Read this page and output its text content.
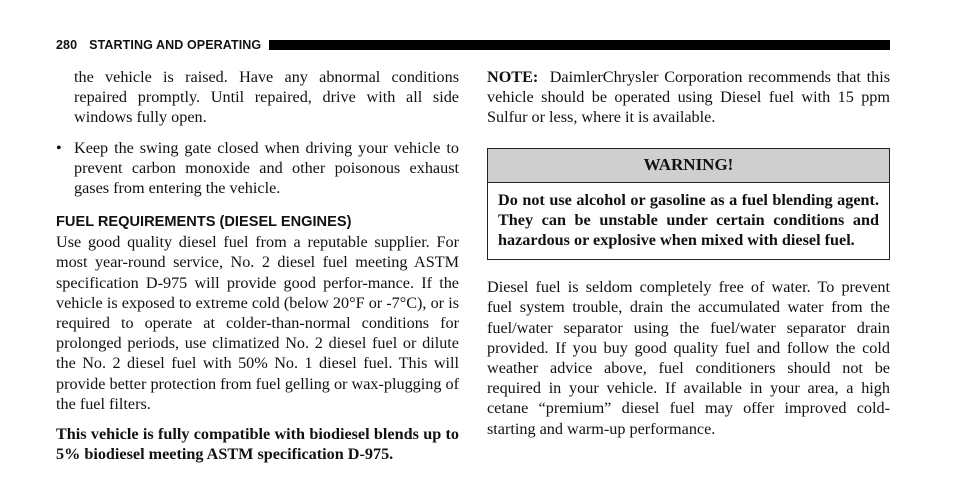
280 STARTING AND OPERATING

the vehicle is raised. Have any abnormal conditions repaired promptly. Until repaired, drive with all side windows fully open.

• Keep the swing gate closed when driving your vehicle to prevent carbon monoxide and other poisonous exhaust gases from entering the vehicle.
FUEL REQUIREMENTS (DIESEL ENGINES)

Use good quality diesel fuel from a reputable supplier. For most year-round service, No. 2 diesel fuel meeting ASTM specification D-975 will provide good perfor-mance. If the vehicle is exposed to extreme cold (below 20°F or -7°C), or is required to operate at colder-than-normal conditions for prolonged periods, use climatized No. 2 diesel fuel or dilute the No. 2 diesel fuel with 50% No. 1 diesel fuel. This will provide better protection from fuel gelling or wax-plugging of the fuel filters.

This vehicle is fully compatible with biodiesel blends up to 5% biodiesel meeting ASTM specification D-975.

NOTE: DaimlerChrysler Corporation recommends that this vehicle should be operated using Diesel fuel with 15 ppm Sulfur or less, where it is available.

WARNING!

Do not use alcohol or gasoline as a fuel blending agent. They can be unstable under certain conditions and hazardous or explosive when mixed with diesel fuel.

Diesel fuel is seldom completely free of water. To prevent fuel system trouble, drain the accumulated water from the fuel/water separator using the fuel/water separator drain provided. If you buy good quality fuel and follow the cold weather advice above, fuel conditioners should not be required in your vehicle. If available in your area, a high cetane “premium” diesel fuel may offer improved cold-starting and warm-up performance.
